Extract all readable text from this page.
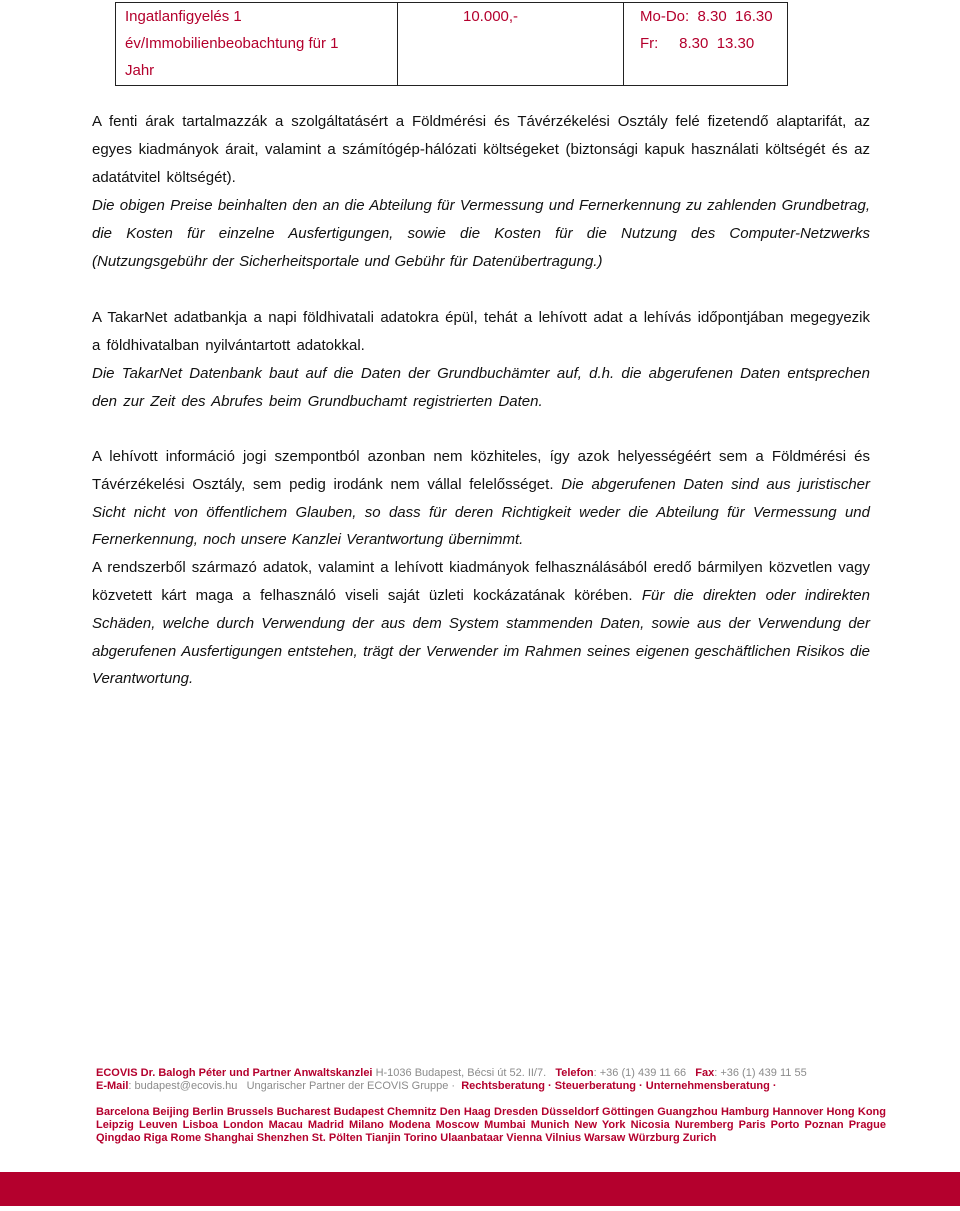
Ingatlanfigyelés 1
év/Immobilienbeobachtung für 1
Jahr

10.000,-	Mo-Do:  8.30  16.30
Fr:     8.30  13.30

A fenti árak tartalmazzák a szolgáltatásért a Földmérési és Távérzékelési Osztály felé fizetendő alaptarifát, az egyes kiadmányok árait, valamint a számítógép-hálózati költségeket (biztonsági kapuk használati költségét és az adatátvitel költségét).

Die obigen Preise beinhalten den an die Abteilung für Vermessung und Fernerkennung zu zahlenden Grundbetrag, die Kosten für einzelne Ausfertigungen, sowie die Kosten für die Nutzung des Computer-Netzwerks (Nutzungsgebühr der Sicherheitsportale und Gebühr für Datenübertragung.)

A TakarNet adatbankja a napi földhivatali adatokra épül, tehát a lehívott adat a lehívás időpontjában megegyezik a földhivatalban nyilvántartott adatokkal.

Die TakarNet Datenbank baut auf die Daten der Grundbuchämter auf, d.h. die abgerufenen Daten entsprechen den zur Zeit des Abrufes beim Grundbuchamt registrierten Daten.

A lehívott információ jogi szempontból azonban nem közhiteles, így azok helyességéért sem a Földmérési és Távérzékelési Osztály, sem pedig irodánk nem vállal felelősséget. Die abgerufenen Daten sind aus juristischer Sicht nicht von öffentlichem Glauben, so dass für deren Richtigkeit weder die Abteilung für Vermessung und Fernerkennung, noch unsere Kanzlei Verantwortung übernimmt.

A rendszerből származó adatok, valamint a lehívott kiadmányok felhasználásából eredő bármilyen közvetlen vagy közvetett kárt maga a felhasználó viseli saját üzleti kockázatának körében. Für die direkten oder indirekten Schäden, welche durch Verwendung der aus dem System stammenden Daten, sowie aus der Verwendung der abgerufenen Ausfertigungen entstehen, trägt der Verwender im Rahmen seines eigenen geschäftlichen Risikos die Verantwortung.

ECOVIS Dr. Balogh Péter und Partner Anwaltskanzlei H-1036 Budapest, Bécsi út 52. II/7. Telefon: +36 (1) 439 11 66 Fax: +36 (1) 439 11 55
E-Mail: budapest@ecovis.hu Ungarischer Partner der ECOVIS Gruppe · Rechtsberatung · Steuerberatung · Unternehmensberatung ·
Barcelona Beijing Berlin Brussels Bucharest Budapest Chemnitz Den Haag Dresden Düsseldorf Göttingen Guangzhou Hamburg Hannover Hong Kong Leipzig Leuven Lisboa London Macau Madrid Milano Modena Moscow Mumbai Munich New York Nicosia Nuremberg Paris Porto Poznan Prague Qingdao Riga Rome Shanghai Shenzhen St. Pölten Tianjin Torino Ulaanbataar Vienna Vilnius Warsaw Würzburg Zurich
